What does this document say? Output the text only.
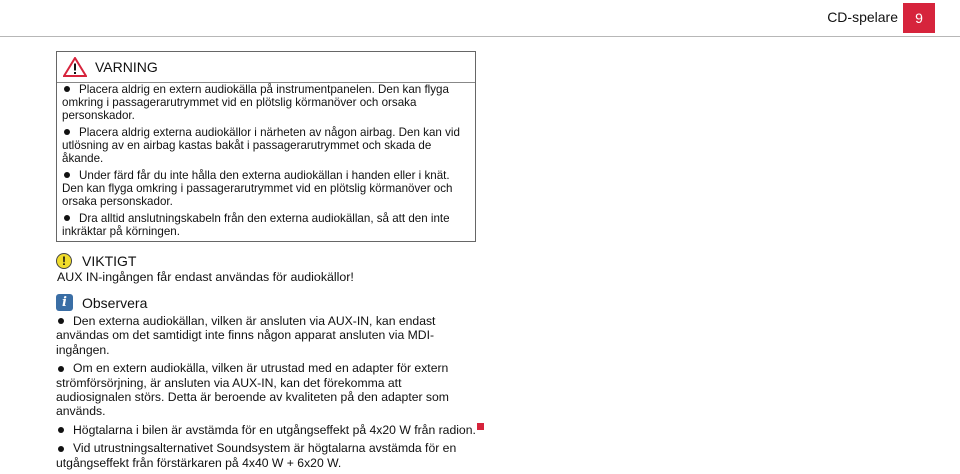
CD-spelare	9
VARNING

Placera aldrig en extern audiokälla på instrumentpanelen. Den kan flyga omkring i passagerarutrymmet vid en plötslig körmanöver och orsaka personskador.

Placera aldrig externa audiokällor i närheten av någon airbag. Den kan vid utlösning av en airbag kastas bakåt i passagerarutrymmet och skada de åkande.

Under färd får du inte hålla den externa audiokällan i handen eller i knät. Den kan flyga omkring i passagerarutrymmet vid en plötslig körmanöver och orsaka personskador.

Dra alltid anslutningskabeln från den externa audiokällan, så att den inte inkräktar på körningen.

!	VIKTIGT
AUX IN-ingången får endast användas för audiokällor!
i	Observera

Den externa audiokällan, vilken är ansluten via AUX-IN, kan endast användas om det samtidigt inte finns någon apparat ansluten via MDI-ingången.

Om en extern audiokälla, vilken är utrustad med en adapter för extern strömförsörjning, är ansluten via AUX-IN, kan det förekomma att audiosignalen störs. Detta är beroende av kvaliteten på den adapter som används.

Högtalarna i bilen är avstämda för en utgångseffekt på 4x20 W från radion.

Vid utrustningsalternativet Soundsystem är högtalarna avstämda för en utgångseffekt från förstärkaren på 4x40 W + 6x20 W.
